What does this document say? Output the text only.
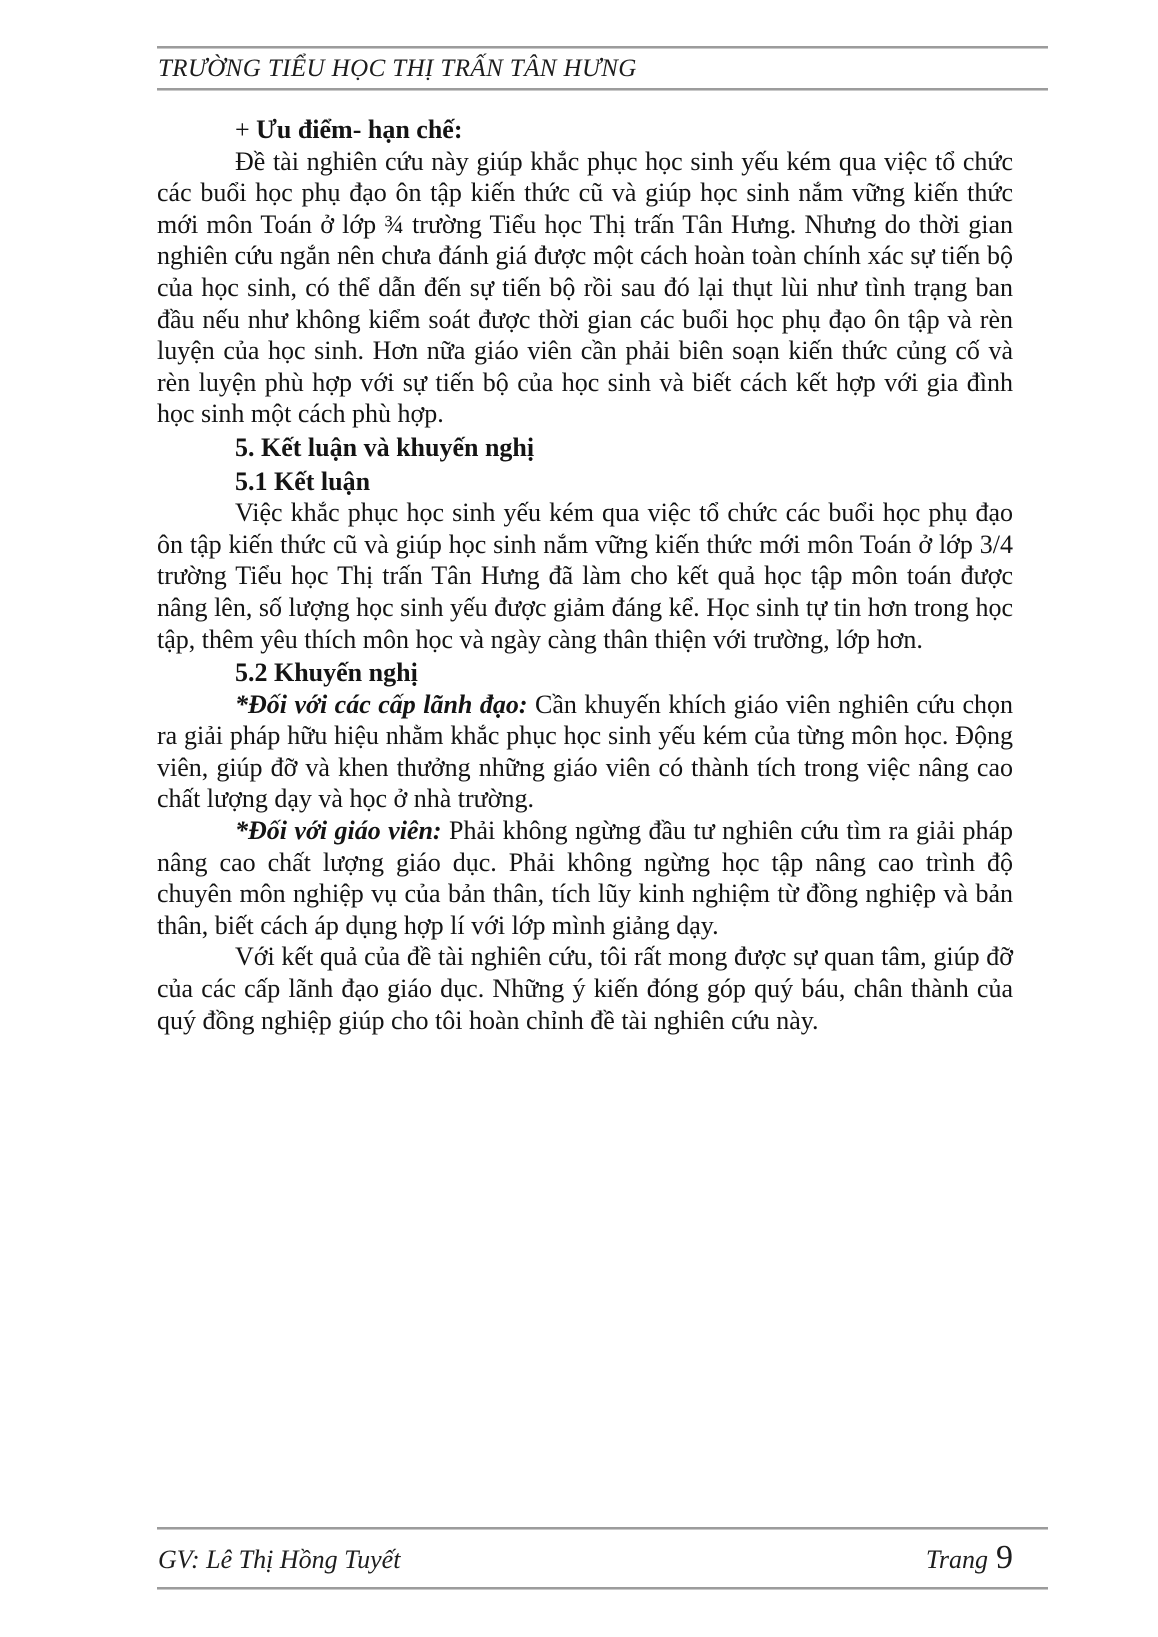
TRƯỜNG TIỂU HỌC THỊ TRẤN TÂN HƯNG
+ Ưu điểm- hạn chế:

Đề tài nghiên cứu này giúp khắc phục học sinh yếu kém qua việc tổ chức các buổi học phụ đạo ôn tập kiến thức cũ và giúp học sinh nắm vững kiến thức mới môn Toán ở lớp ¾ trường Tiểu học Thị trấn Tân Hưng. Nhưng do thời gian nghiên cứu ngắn nên chưa đánh giá được một cách hoàn toàn chính xác sự tiến bộ của học sinh, có thể dẫn đến sự tiến bộ rồi sau đó lại thụt lùi như tình trạng ban đầu nếu như không kiểm soát được thời gian các buổi học phụ đạo ôn tập và rèn luyện của học sinh. Hơn nữa giáo viên cần phải biên soạn kiến thức củng cố và rèn luyện phù hợp với sự tiến bộ của học sinh và biết cách kết hợp với gia đình học sinh một cách phù hợp.

5. Kết luận và khuyến nghị
5.1 Kết luận

Việc khắc phục học sinh yếu kém qua việc tổ chức các buổi học phụ đạo ôn tập kiến thức cũ và giúp học sinh nắm vững kiến thức mới môn Toán ở lớp 3/4 trường Tiểu học Thị trấn Tân Hưng đã làm cho kết quả học tập môn toán được nâng lên, số lượng học sinh yếu được giảm đáng kể. Học sinh tự tin hơn trong học tập, thêm yêu thích môn học và ngày càng thân thiện với trường, lớp hơn.

5.2 Khuyến nghị

*Đối với các cấp lãnh đạo: Cần khuyến khích giáo viên nghiên cứu chọn ra giải pháp hữu hiệu nhằm khắc phục học sinh yếu kém của từng môn học. Động viên, giúp đỡ và khen thưởng những giáo viên có thành tích trong việc nâng cao chất lượng dạy và học ở nhà trường.

*Đối với giáo viên: Phải không ngừng đầu tư nghiên cứu tìm ra giải pháp nâng cao chất lượng giáo dục. Phải không ngừng học tập nâng cao trình độ chuyên môn nghiệp vụ của bản thân, tích lũy kinh nghiệm từ đồng nghiệp và bản thân, biết cách áp dụng hợp lí với lớp mình giảng dạy.

Với kết quả của đề tài nghiên cứu, tôi rất mong được sự quan tâm, giúp đỡ của các cấp lãnh đạo giáo dục. Những ý kiến đóng góp quý báu, chân thành của quý đồng nghiệp giúp cho tôi hoàn chỉnh đề tài nghiên cứu này.

GV: Lê Thị Hồng Tuyết	Trang 9
